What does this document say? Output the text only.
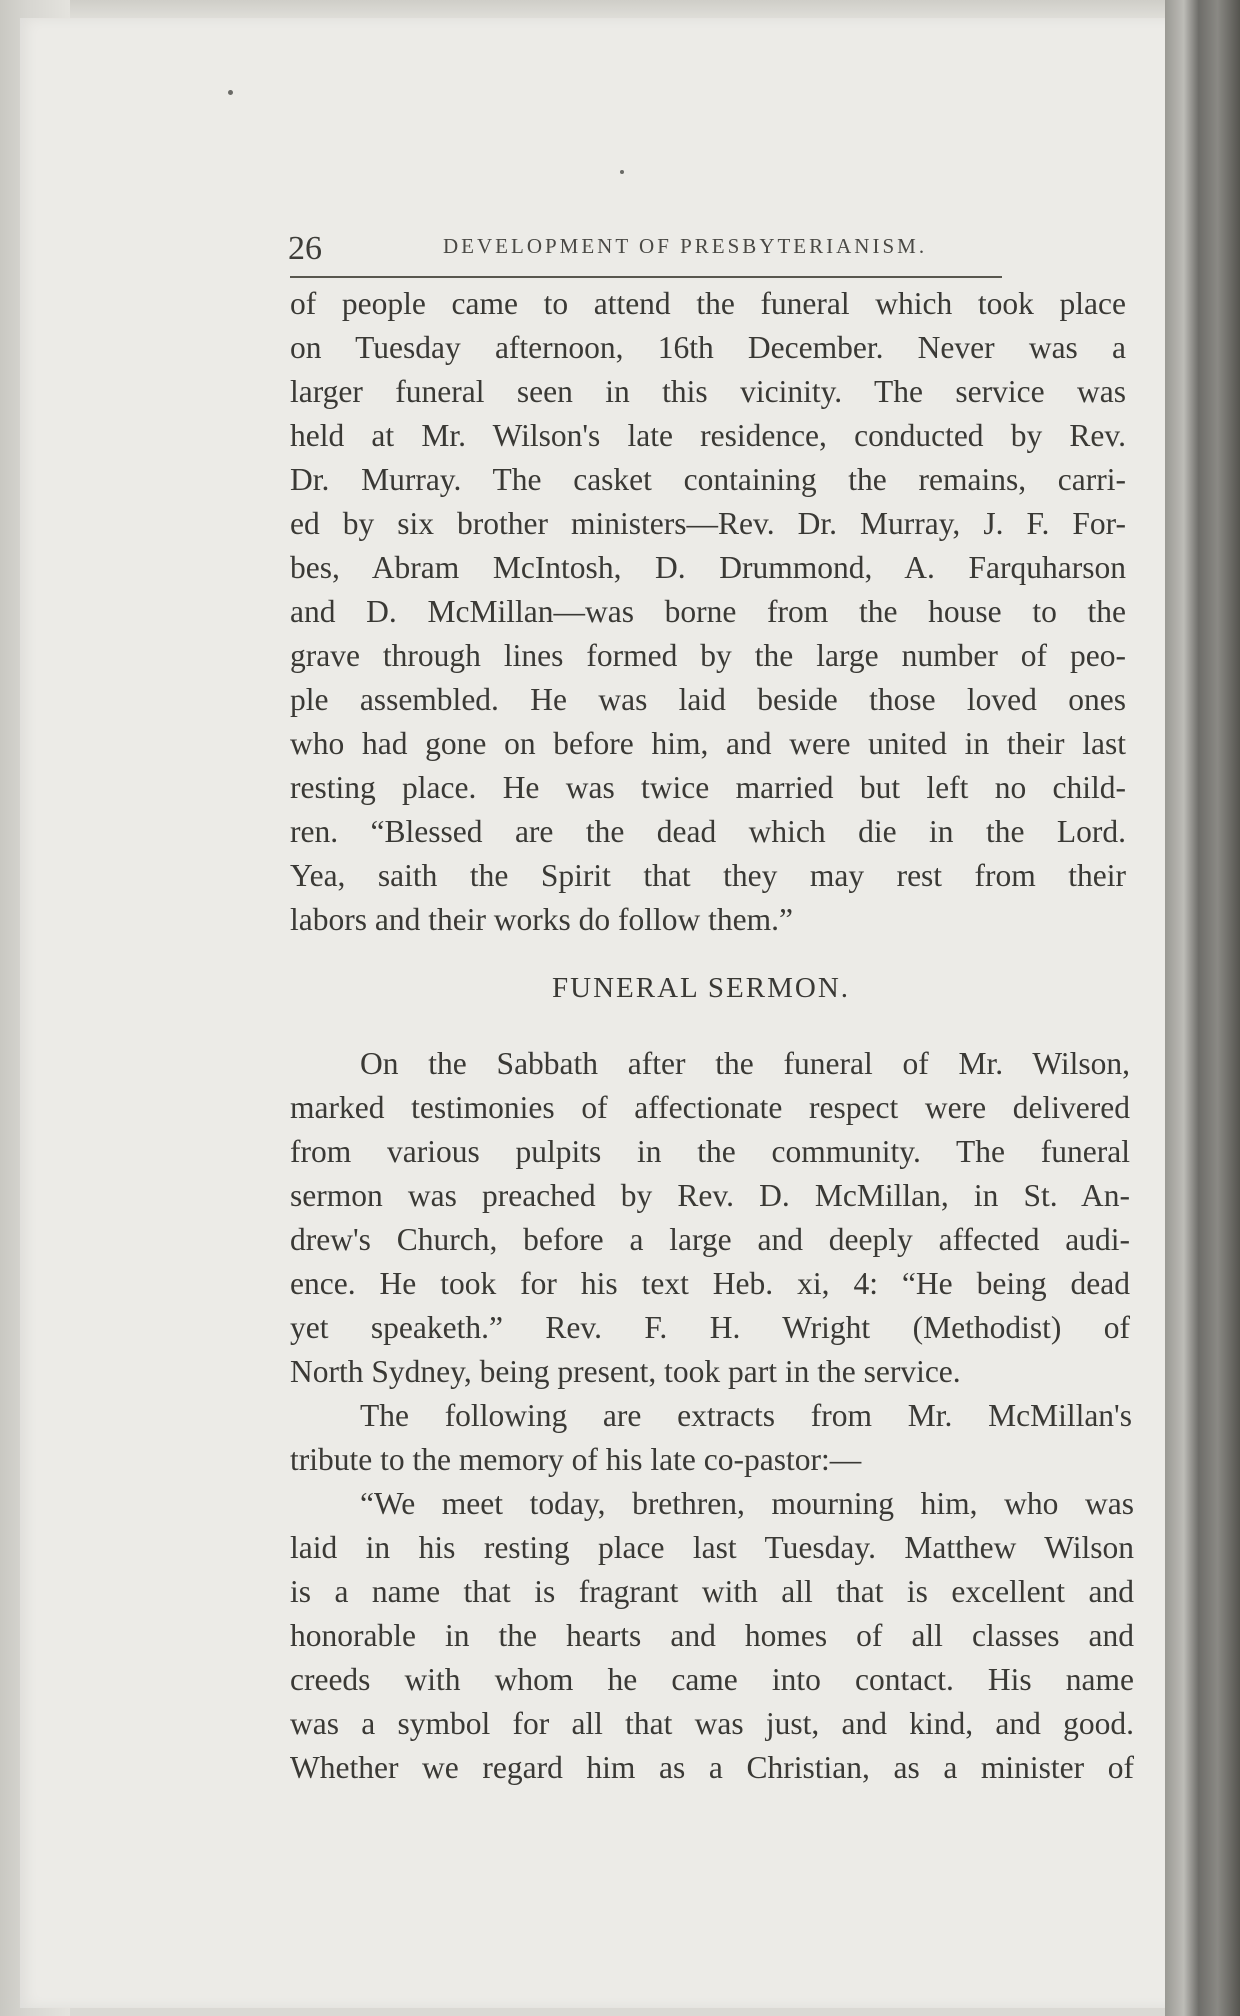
26	DEVELOPMENT OF PRESBYTERIANISM.
of people came to attend the funeral which took place
on Tuesday afternoon, 16th December. Never was a
larger funeral seen in this vicinity. The service was
held at Mr. Wilson's late residence, conducted by Rev.
Dr. Murray. The casket containing the remains, carri-
ed by six brother ministers—Rev. Dr. Murray, J. F. For-
bes, Abram McIntosh, D. Drummond, A. Farquharson
and D. McMillan—was borne from the house to the
grave through lines formed by the large number of peo-
ple assembled. He was laid beside those loved ones
who had gone on before him, and were united in their last
resting place. He was twice married but left no child-
ren. “Blessed are the dead which die in the Lord.
Yea, saith the Spirit that they may rest from their
labors and their works do follow them.”
FUNERAL SERMON.
On the Sabbath after the funeral of Mr. Wilson,
marked testimonies of affectionate respect were delivered
from various pulpits in the community. The funeral
sermon was preached by Rev. D. McMillan, in St. An-
drew's Church, before a large and deeply affected audi-
ence. He took for his text Heb. xi, 4: “He being dead
yet speaketh.” Rev. F. H. Wright (Methodist) of
North Sydney, being present, took part in the service.
The following are extracts from Mr. McMillan's
tribute to the memory of his late co-pastor:—
“We meet today, brethren, mourning him, who was
laid in his resting place last Tuesday. Matthew Wilson
is a name that is fragrant with all that is excellent and
honorable in the hearts and homes of all classes and
creeds with whom he came into contact. His name
was a symbol for all that was just, and kind, and good.
Whether we regard him as a Christian, as a minister of
